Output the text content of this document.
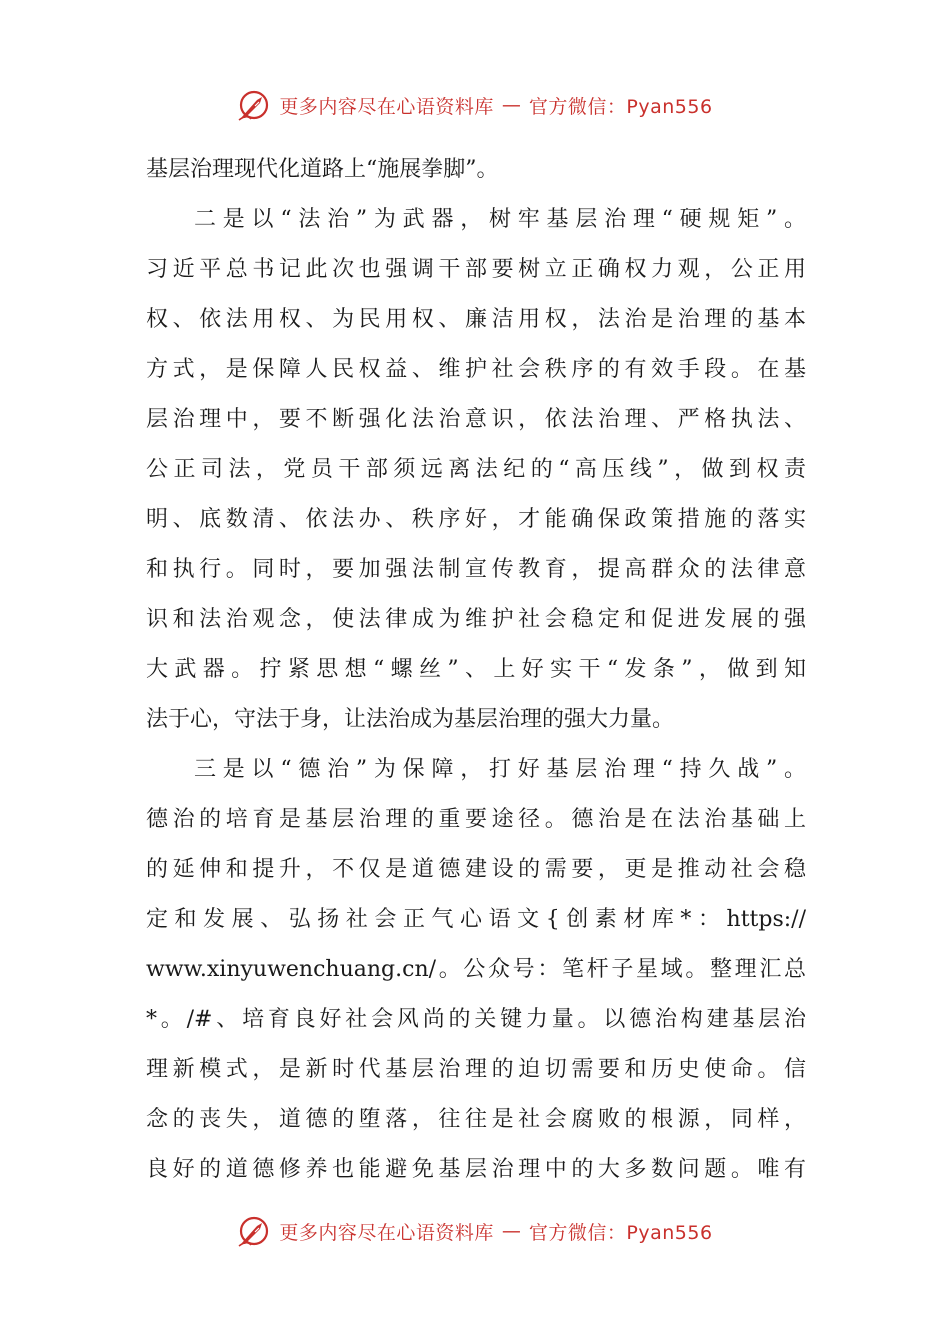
更多内容尽在心语资料库 — 官方微信：Pyan556
基层治理现代化道路上“施展拳脚”。
二是以“法治”为武器，树牢基层治理“硬规矩”。
习近平总书记此次也强调干部要树立正确权力观，公正用
权、依法用权、为民用权、廉洁用权，法治是治理的基本
方式，是保障人民权益、维护社会秩序的有效手段。在基
层治理中，要不断强化法治意识，依法治理、严格执法、
公正司法，党员干部须远离法纪的“高压线”，做到权责
明、底数清、依法办、秩序好，才能确保政策措施的落实
和执行。同时，要加强法制宣传教育，提高群众的法律意
识和法治观念，使法律成为维护社会稳定和促进发展的强
大武器。拧紧思想“螺丝”、上好实干“发条”，做到知
法于心，守法于身，让法治成为基层治理的强大力量。
三是以“德治”为保障，打好基层治理“持久战”。
德治的培育是基层治理的重要途径。德治是在法治基础上
的延伸和提升，不仅是道德建设的需要，更是推动社会稳
定和发展、弘扬社会正气心语文{创素材库*：https://
www.xinyuwenchuang.cn/。公众号：笔杆子星域。整理汇总
*。/#、培育良好社会风尚的关键力量。以德治构建基层治
理新模式，是新时代基层治理的迫切需要和历史使命。信
念的丧失，道德的堕落，往往是社会腐败的根源，同样，
良好的道德修养也能避免基层治理中的大多数问题。唯有
更多内容尽在心语资料库 — 官方微信：Pyan556
